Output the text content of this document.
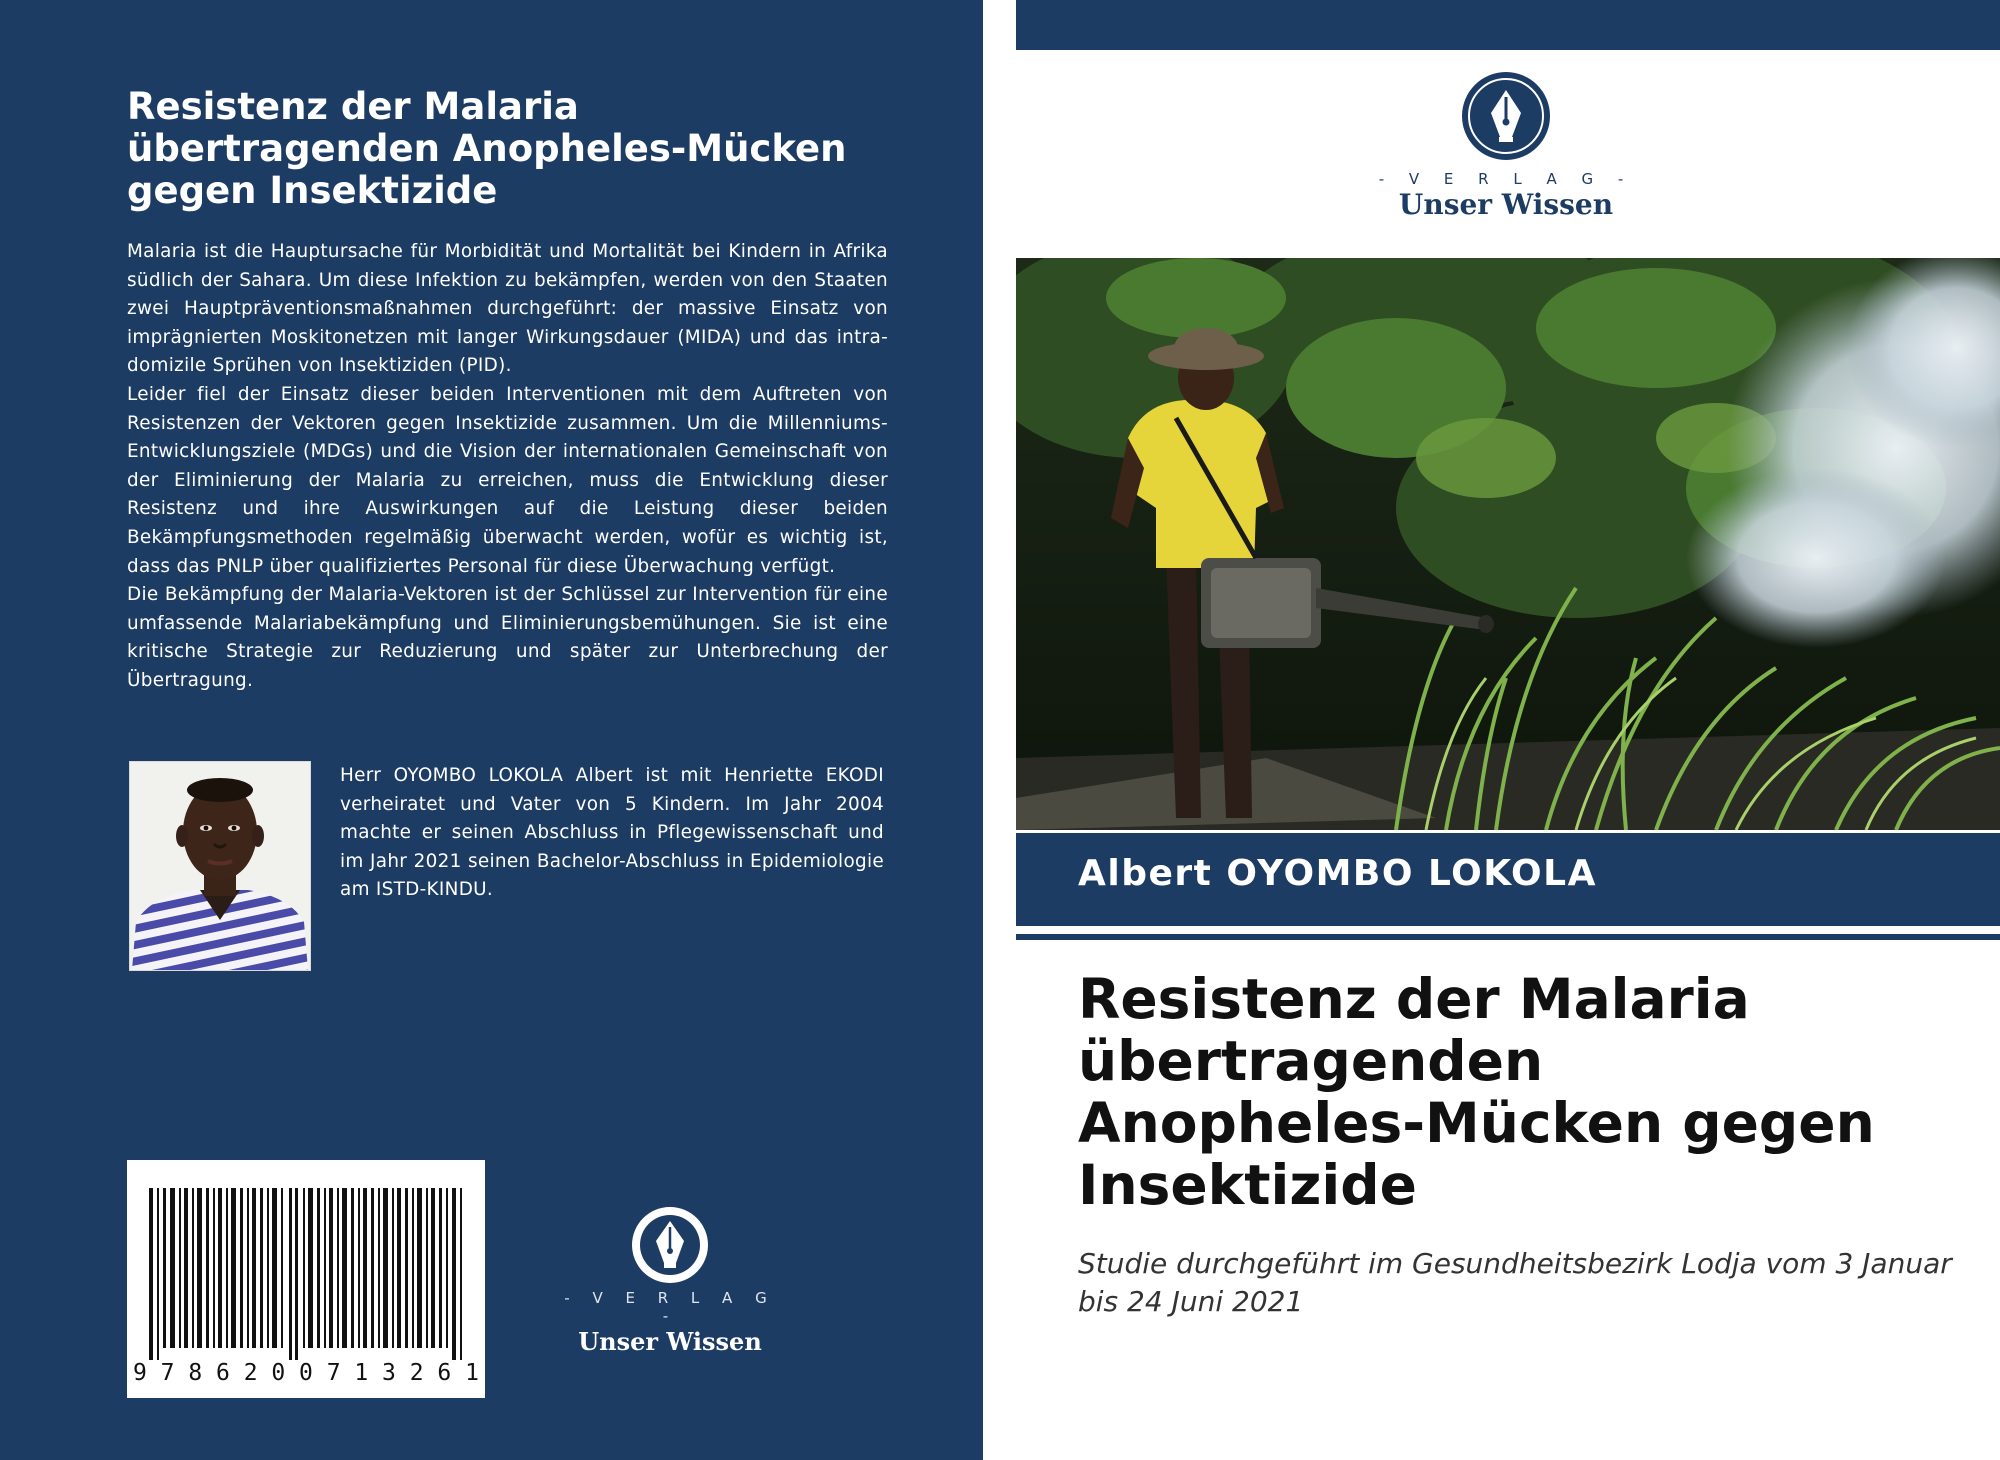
Resistenz der Malaria
übertragenden Anopheles-Mücken
gegen Insektizide

Malaria ist die Hauptursache für Morbidität und Mortalität bei Kindern in Afrika südlich der Sahara. Um diese Infektion zu bekämpfen, werden von den Staaten zwei Hauptpräventionsmaßnahmen durchgeführt: der massive Einsatz von imprägnierten Moskitonetzen mit langer Wirkungsdauer (MIDA) und das intra-domizile Sprühen von Insektiziden (PID).

Leider fiel der Einsatz dieser beiden Interventionen mit dem Auftreten von Resistenzen der Vektoren gegen Insektizide zusammen. Um die Millenniums-Entwicklungsziele (MDGs) und die Vision der internationalen Gemeinschaft von der Eliminierung der Malaria zu erreichen, muss die Entwicklung dieser Resistenz und ihre Auswirkungen auf die Leistung dieser beiden Bekämpfungsmethoden regelmäßig überwacht werden, wofür es wichtig ist, dass das PNLP über qualifiziertes Personal für diese Überwachung verfügt.

Die Bekämpfung der Malaria-Vektoren ist der Schlüssel zur Intervention für eine umfassende Malariabekämpfung und Eliminierungsbemühungen. Sie ist eine kritische Strategie zur Reduzierung und später zur Unterbrechung der Übertragung.

Herr OYOMBO LOKOLA Albert ist mit Henriette EKODI verheiratet und Vater von 5 Kindern. Im Jahr 2004 machte er seinen Abschluss in Pflegewissenschaft und im Jahr 2021 seinen Bachelor-Abschluss in Epidemiologie am ISTD-KINDU.

9 7 8 6 2 0 0 7 1 3 2 6 1
- V E R L A G -
Unser Wissen
- V E R L A G -
Unser Wissen

Albert OYOMBO LOKOLA

Resistenz der Malaria
übertragenden
Anopheles-Mücken gegen
Insektizide

Studie durchgeführt im Gesundheitsbezirk Lodja vom 3 Januar bis 24 Juni 2021
